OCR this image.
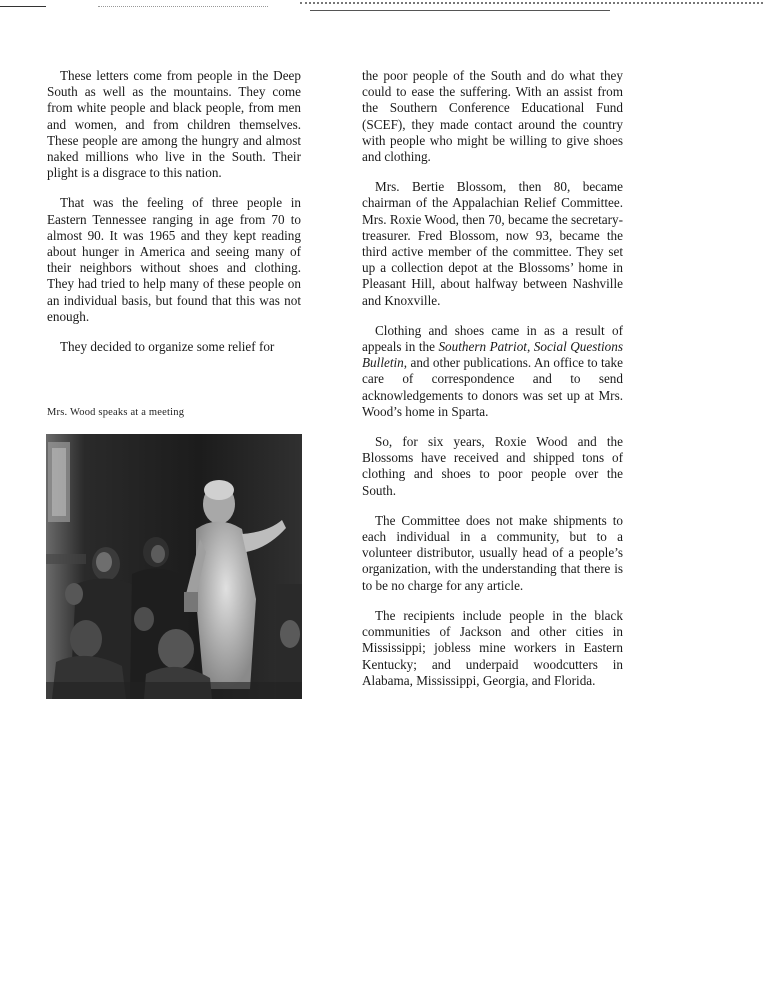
These letters come from people in the Deep South as well as the mountains. They come from white people and black people, from men and women, and from children themselves. These people are among the hungry and almost naked millions who live in the South. Their plight is a disgrace to this nation.

That was the feeling of three people in Eastern Tennessee ranging in age from 70 to almost 90. It was 1965 and they kept reading about hunger in America and seeing many of their neighbors without shoes and clothing. They had tried to help many of these people on an individual basis, but found that this was not enough.

They decided to organize some relief for

Mrs. Wood speaks at a meeting

the poor people of the South and do what they could to ease the suffering. With an assist from the Southern Conference Educational Fund (SCEF), they made contact around the country with people who might be willing to give shoes and clothing.

Mrs. Bertie Blossom, then 80, became chairman of the Appalachian Relief Committee. Mrs. Roxie Wood, then 70, became the secretary-treasurer. Fred Blossom, now 93, became the third active member of the committee. They set up a collection depot at the Blossoms’ home in Pleasant Hill, about halfway between Nashville and Knoxville.

Clothing and shoes came in as a result of appeals in the Southern Patriot, Social Questions Bulletin, and other publications. An office to take care of correspondence and to send acknowledgements to donors was set up at Mrs. Wood’s home in Sparta.

So, for six years, Roxie Wood and the Blossoms have received and shipped tons of clothing and shoes to poor people over the South.

The Committee does not make shipments to each individual in a community, but to a volunteer distributor, usually head of a people’s organization, with the understanding that there is to be no charge for any article.

The recipients include people in the black communities of Jackson and other cities in Mississippi; jobless mine workers in Eastern Kentucky; and underpaid woodcutters in Alabama, Mississippi, Georgia, and Florida.
